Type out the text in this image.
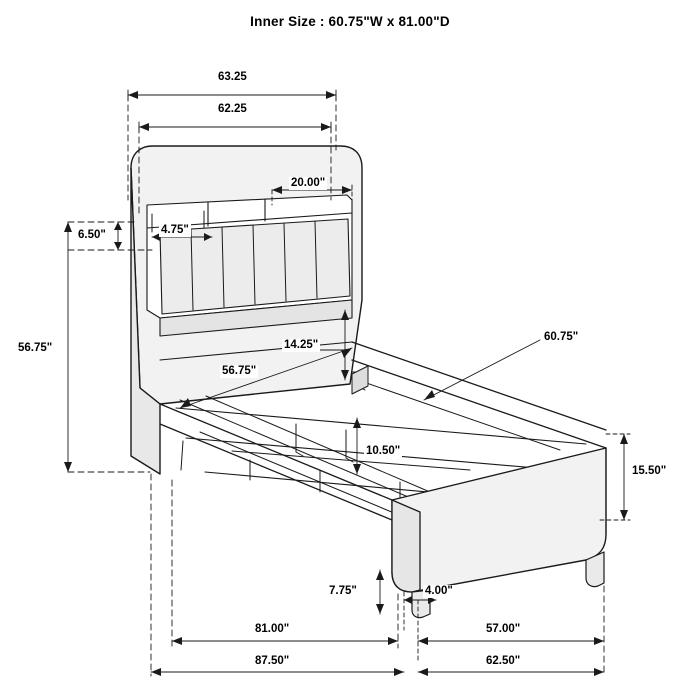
Inner Size : 60.75"W x 81.00"D
63.25
62.25
20.00"
4.75"
6.50"
56.75"	14.25"
56.75"
60.75"
10.50"
15.50"
7.75"	4.00"
81.00"	57.00"
87.50"	62.50"
